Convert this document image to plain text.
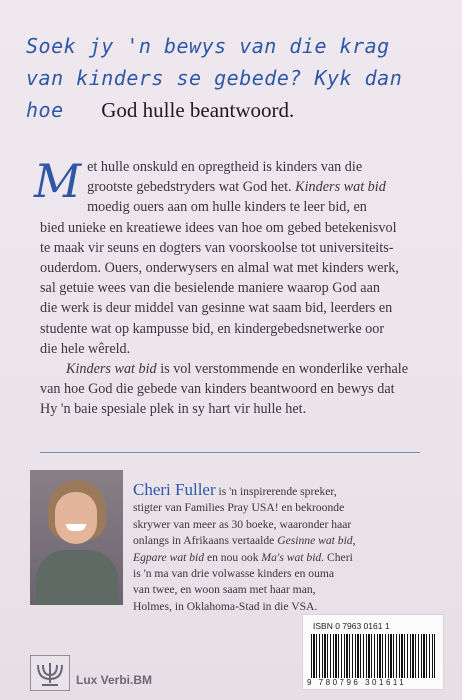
Soek jy 'n bewys van die krag
van kinders se gebede? Kyk dan
hoe God hulle beantwoord.
M et hulle onskuld en opregtheid is kinders van die
grootste gebedstryders wat God het. Kinders wat bid
moedig ouers aan om hulle kinders te leer bid, en
bied unieke en kreatiewe idees van hoe om gebed betekenisvol
te maak vir seuns en dogters van voorskoolse tot universiteits-
ouderdom. Ouers, onderwysers en almal wat met kinders werk,
sal getuie wees van die besielende maniere waarop God aan
die werk is deur middel van gesinne wat saam bid, leerders en
studente wat op kampusse bid, en kindergebedsnetwerke oor
die hele wêreld.
Kinders wat bid is vol verstommende en wonderlike verhale
van hoe God die gebede van kinders beantwoord en bewys dat
Hy 'n baie spesiale plek in sy hart vir hulle het.
Cheri Fuller is 'n inspirerende spreker,
stigter van Families Pray USA! en bekroonde
skrywer van meer as 30 boeke, waaronder haar
onlangs in Afrikaans vertaalde Gesinne wat bid,
Egpare wat bid en nou ook Ma's wat bid. Cheri
is 'n ma van drie volwasse kinders en ouma
van twee, en woon saam met haar man,
Holmes, in Oklahoma-Stad in die VSA.
ISBN 0 7963 0161 1
9 780796 301611
Lux Verbi.BM
